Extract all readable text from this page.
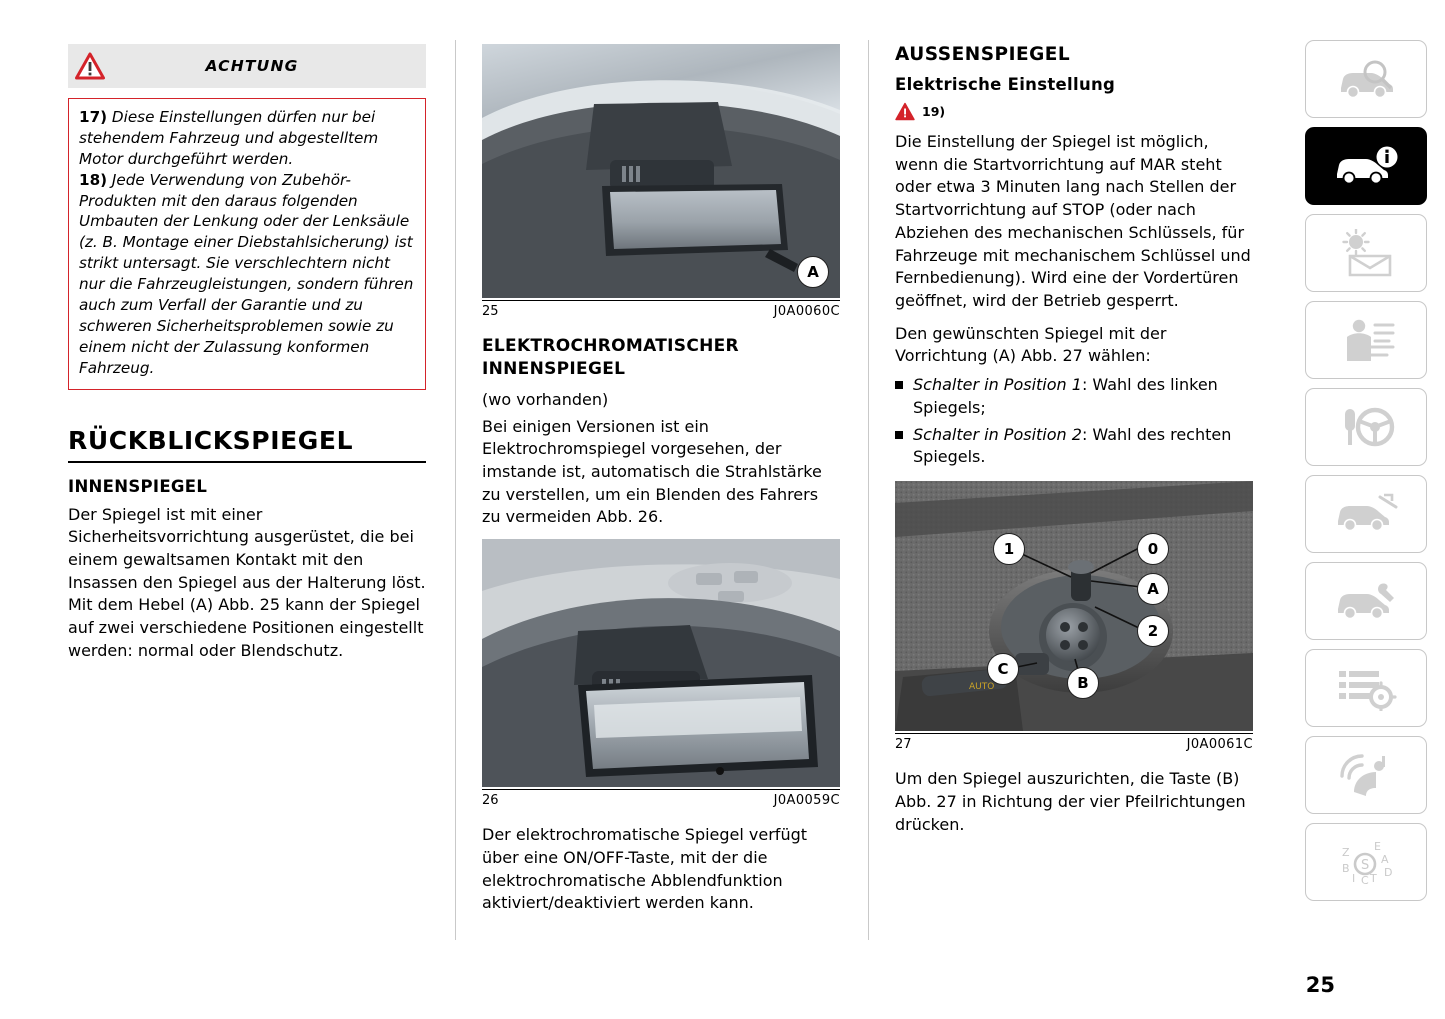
ACHTUNG
17) Diese Einstellungen dürfen nur bei stehendem Fahrzeug und abgestelltem Motor durchgeführt werden.
18) Jede Verwendung von Zubehör-Produkten mit den daraus folgenden Umbauten der Lenkung oder der Lenksäule (z. B. Montage einer Diebstahlsicherung) ist strikt untersagt. Sie verschlechtern nicht nur die Fahrzeugleistungen, sondern führen auch zum Verfall der Garantie und zu schweren Sicherheitsproblemen sowie zu einem nicht der Zulassung konformen Fahrzeug.
RÜCKBLICKSPIEGEL
INNENSPIEGEL

Der Spiegel ist mit einer Sicherheitsvorrichtung ausgerüstet, die bei einem gewaltsamen Kontakt mit den Insassen den Spiegel aus der Halterung löst. Mit dem Hebel (A) Abb. 25 kann der Spiegel auf zwei verschiedene Positionen eingestellt werden: normal oder Blendschutz.

A
25	J0A0060C
ELEKTROCHROMATISCHER INNENSPIEGEL

(wo vorhanden)

Bei einigen Versionen ist ein Elektrochromspiegel vorgesehen, der imstande ist, automatisch die Strahlstärke zu verstellen, um ein Blenden des Fahrers zu vermeiden Abb. 26.

26	J0A0059C

Der elektrochromatische Spiegel verfügt über eine ON/OFF-Taste, mit der die elektrochromatische Abblendfunktion aktiviert/deaktiviert werden kann.

AUSSENSPIEGEL
Elektrische Einstellung
19)

Die Einstellung der Spiegel ist möglich, wenn die Startvorrichtung auf MAR steht oder etwa 3 Minuten lang nach Stellen der Startvorrichtung auf STOP (oder nach Abziehen des mechanischen Schlüssels, für Fahrzeuge mit mechanischem Schlüssel und Fernbedienung). Wird eine der Vordertüren geöffnet, wird der Betrieb gesperrt.

Den gewünschten Spiegel mit der Vorrichtung (A) Abb. 27 wählen:

Schalter in Position 1: Wahl des linken Spiegels;
Schalter in Position 2: Wahl des rechten Spiegels.
AUTO
1	0
A
2
C
B
27	J0A0061C

Um den Spiegel auszurichten, die Taste (B) Abb. 27 in Richtung der vier Pfeilrichtungen drücken.

Z E
B
A
I C T D
S
25
